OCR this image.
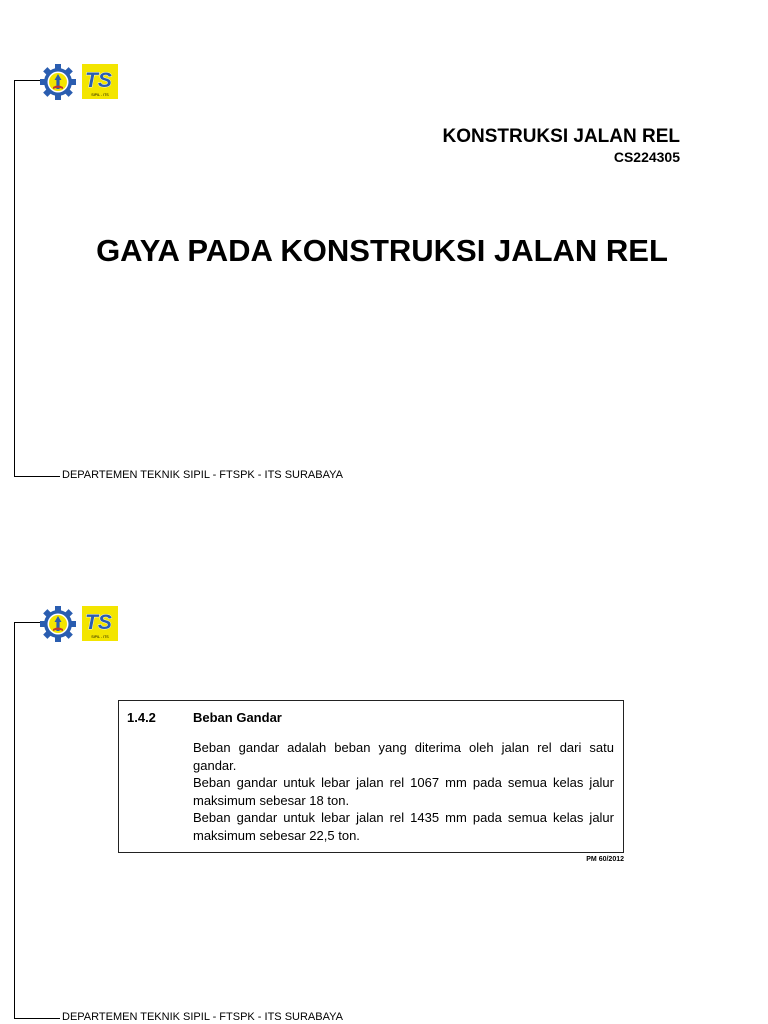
TS
SIPIL - ITS
KONSTRUKSI JALAN REL
CS224305
GAYA PADA KONSTRUKSI JALAN REL
DEPARTEMEN TEKNIK SIPIL - FTSPK - ITS SURABAYA
TS
SIPIL - ITS
1.4.2	Beban Gandar
Beban gandar adalah beban yang diterima oleh jalan rel dari satu
gandar.
Beban gandar untuk lebar jalan rel 1067 mm pada semua kelas jalur
maksimum sebesar 18 ton.
Beban gandar untuk lebar jalan rel 1435 mm pada semua kelas jalur
maksimum sebesar 22,5 ton.
PM 60/2012
DEPARTEMEN TEKNIK SIPIL - FTSPK - ITS SURABAYA
